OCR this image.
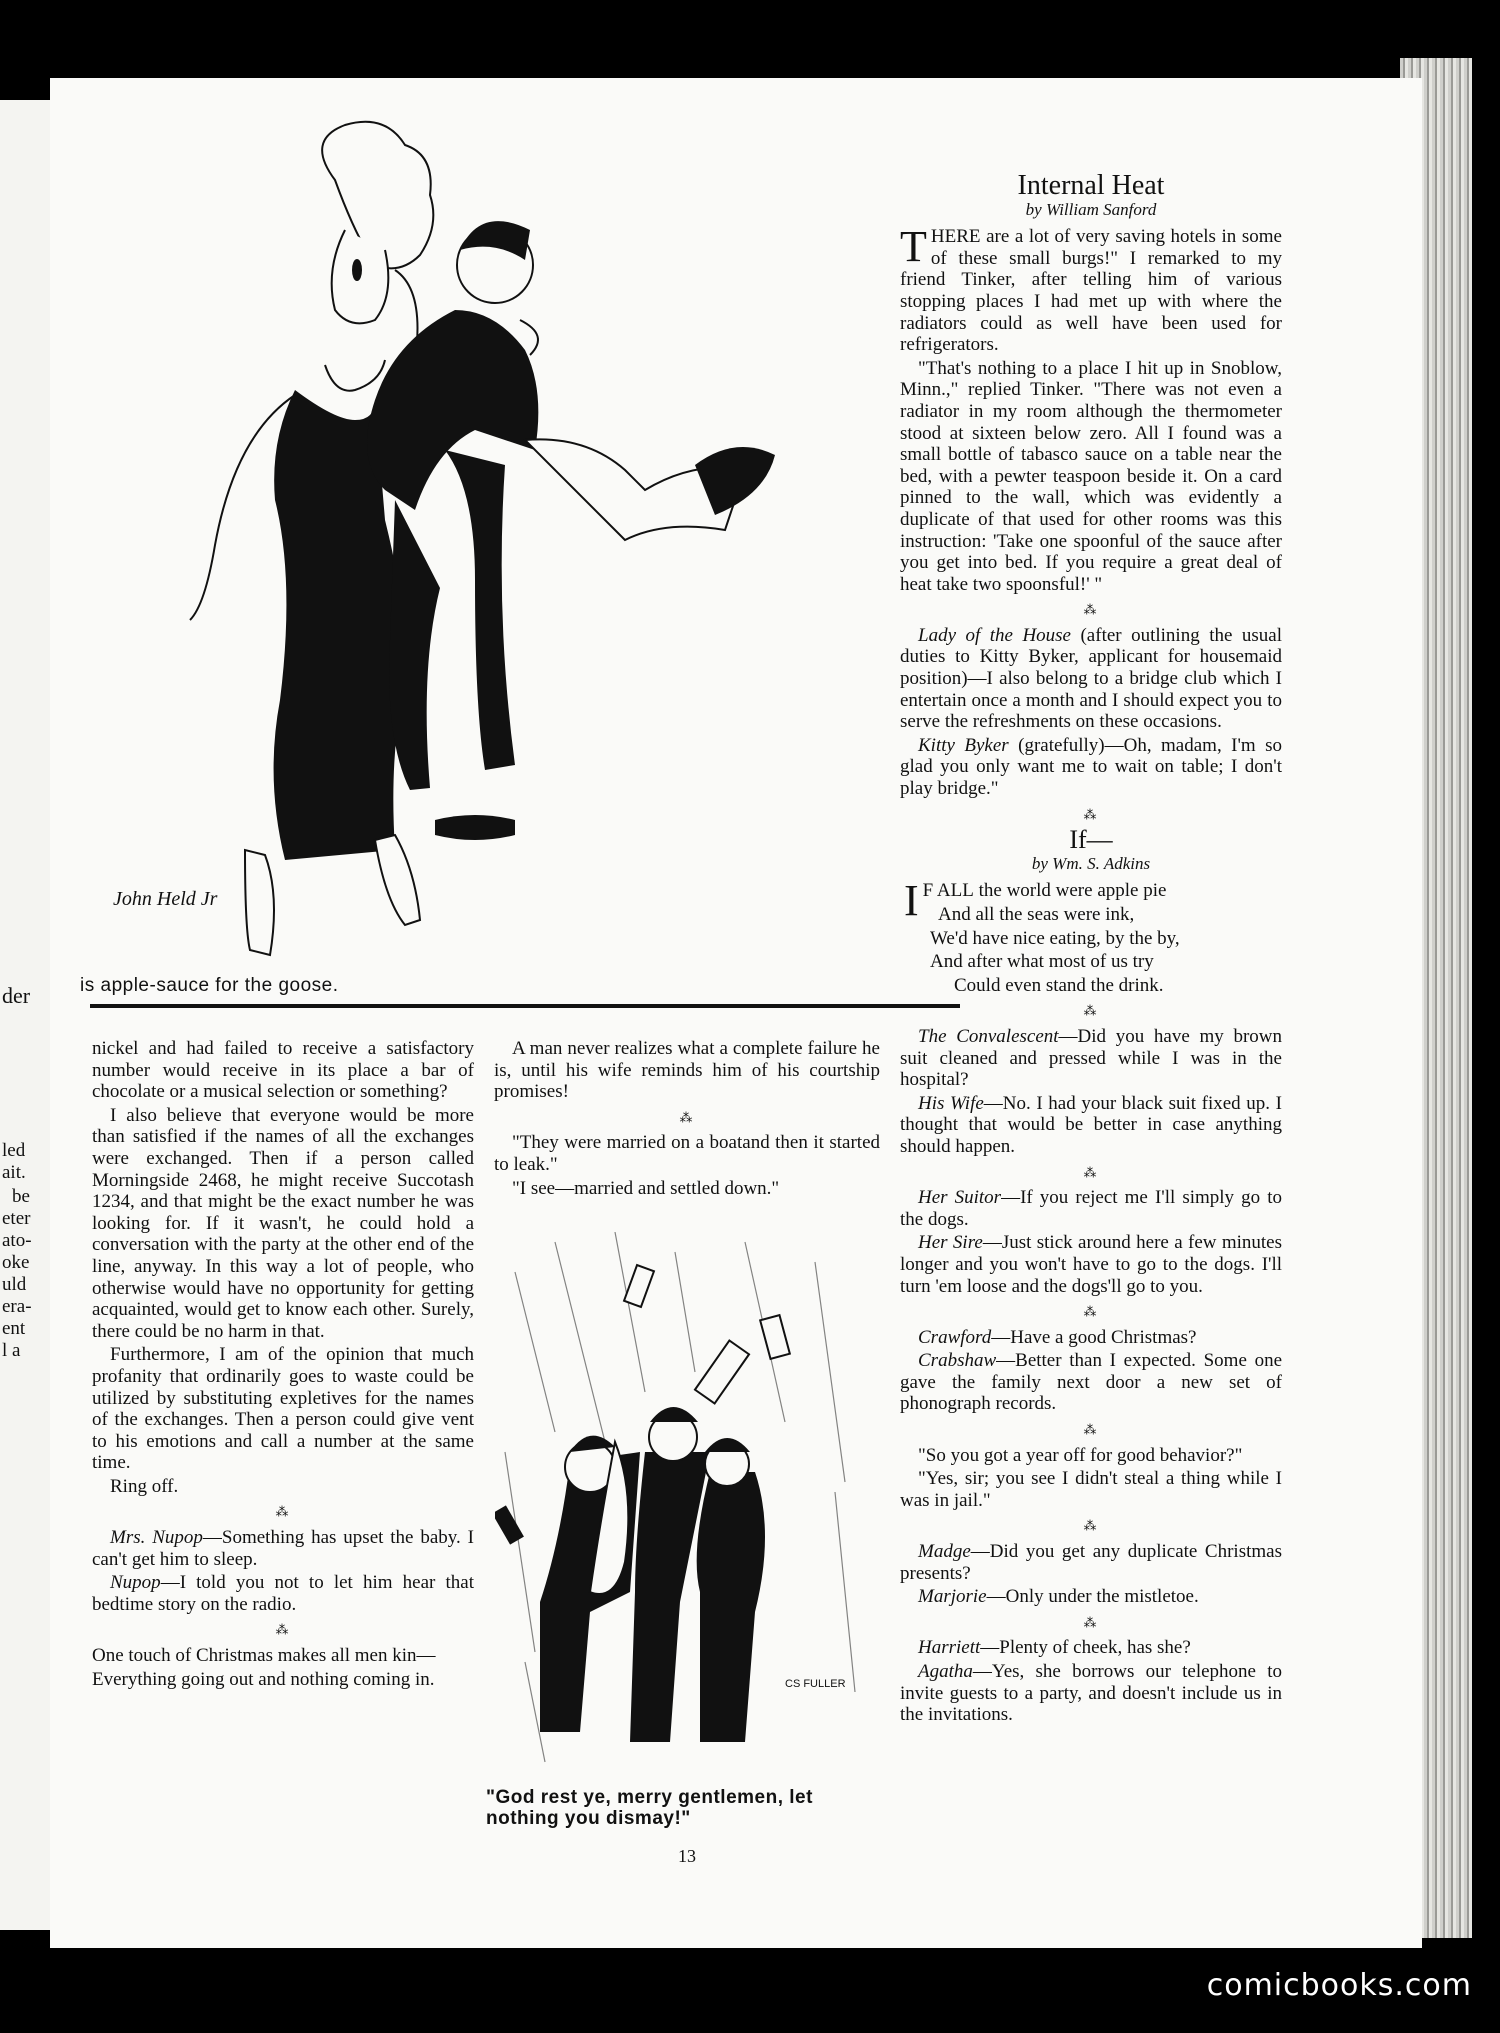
der
led
ait.
be
eter
ato-
oke
uld
era-
ent
l a
John Held Jr
is apple-sauce for the goose.

nickel and had failed to receive a satisfactory number would receive in its place a bar of chocolate or a musical selection or something?

I also believe that everyone would be more than satisfied if the names of all the exchanges were exchanged. Then if a person called Morningside 2468, he might receive Succotash 1234, and that might be the exact number he was looking for. If it wasn't, he could hold a conversation with the party at the other end of the line, anyway. In this way a lot of people, who otherwise would have no opportunity for getting acquainted, would get to know each other. Surely, there could be no harm in that.

Furthermore, I am of the opinion that much profanity that ordinarily goes to waste could be utilized by substituting expletives for the names of the exchanges. Then a person could give vent to his emotions and call a number at the same time.

Ring off.

⁂

Mrs. Nupop—Something has upset the baby. I can't get him to sleep.

Nupop—I told you not to let him hear that bedtime story on the radio.

⁂

One touch of Christmas makes all men kin—

Everything going out and nothing coming in.

A man never realizes what a complete failure he is, until his wife reminds him of his courtship promises!

⁂

"They were married on a boatand then it started to leak."

"I see—married and settled down."

CS FULLER
"God rest ye, merry gentlemen, let nothing you dismay!"
Internal Heat
by William Sanford

THERE are a lot of very saving hotels in some of these small burgs!" I remarked to my friend Tinker, after telling him of various stopping places I had met up with where the radiators could as well have been used for refrigerators.

"That's nothing to a place I hit up in Snoblow, Minn.," replied Tinker. "There was not even a radiator in my room although the thermometer stood at sixteen below zero. All I found was a small bottle of tabasco sauce on a table near the bed, with a pewter teaspoon beside it. On a card pinned to the wall, which was evidently a duplicate of that used for other rooms was this instruction: 'Take one spoonful of the sauce after you get into bed. If you require a great deal of heat take two spoonsful!' "

⁂

Lady of the House (after outlining the usual duties to Kitty Byker, applicant for housemaid position)—I also belong to a bridge club which I entertain once a month and I should expect you to serve the refreshments on these occasions.

Kitty Byker (gratefully)—Oh, madam, I'm so glad you only want me to wait on table; I don't play bridge."

⁂
If—
by Wm. S. Adkins

I F ALL the world were apple pie

And all the seas were ink,

We'd have nice eating, by the by,

And after what most of us try

Could even stand the drink.

⁂

The Convalescent—Did you have my brown suit cleaned and pressed while I was in the hospital?

His Wife—No. I had your black suit fixed up. I thought that would be better in case anything should happen.

⁂

Her Suitor—If you reject me I'll simply go to the dogs.

Her Sire—Just stick around here a few minutes longer and you won't have to go to the dogs. I'll turn 'em loose and the dogs'll go to you.

⁂

Crawford—Have a good Christmas?

Crabshaw—Better than I expected. Some one gave the family next door a new set of phonograph records.

⁂

"So you got a year off for good behavior?"

"Yes, sir; you see I didn't steal a thing while I was in jail."

⁂

Madge—Did you get any duplicate Christmas presents?

Marjorie—Only under the mistletoe.

⁂

Harriett—Plenty of cheek, has she?

Agatha—Yes, she borrows our telephone to invite guests to a party, and doesn't include us in the invitations.

13
comicbooks.com
